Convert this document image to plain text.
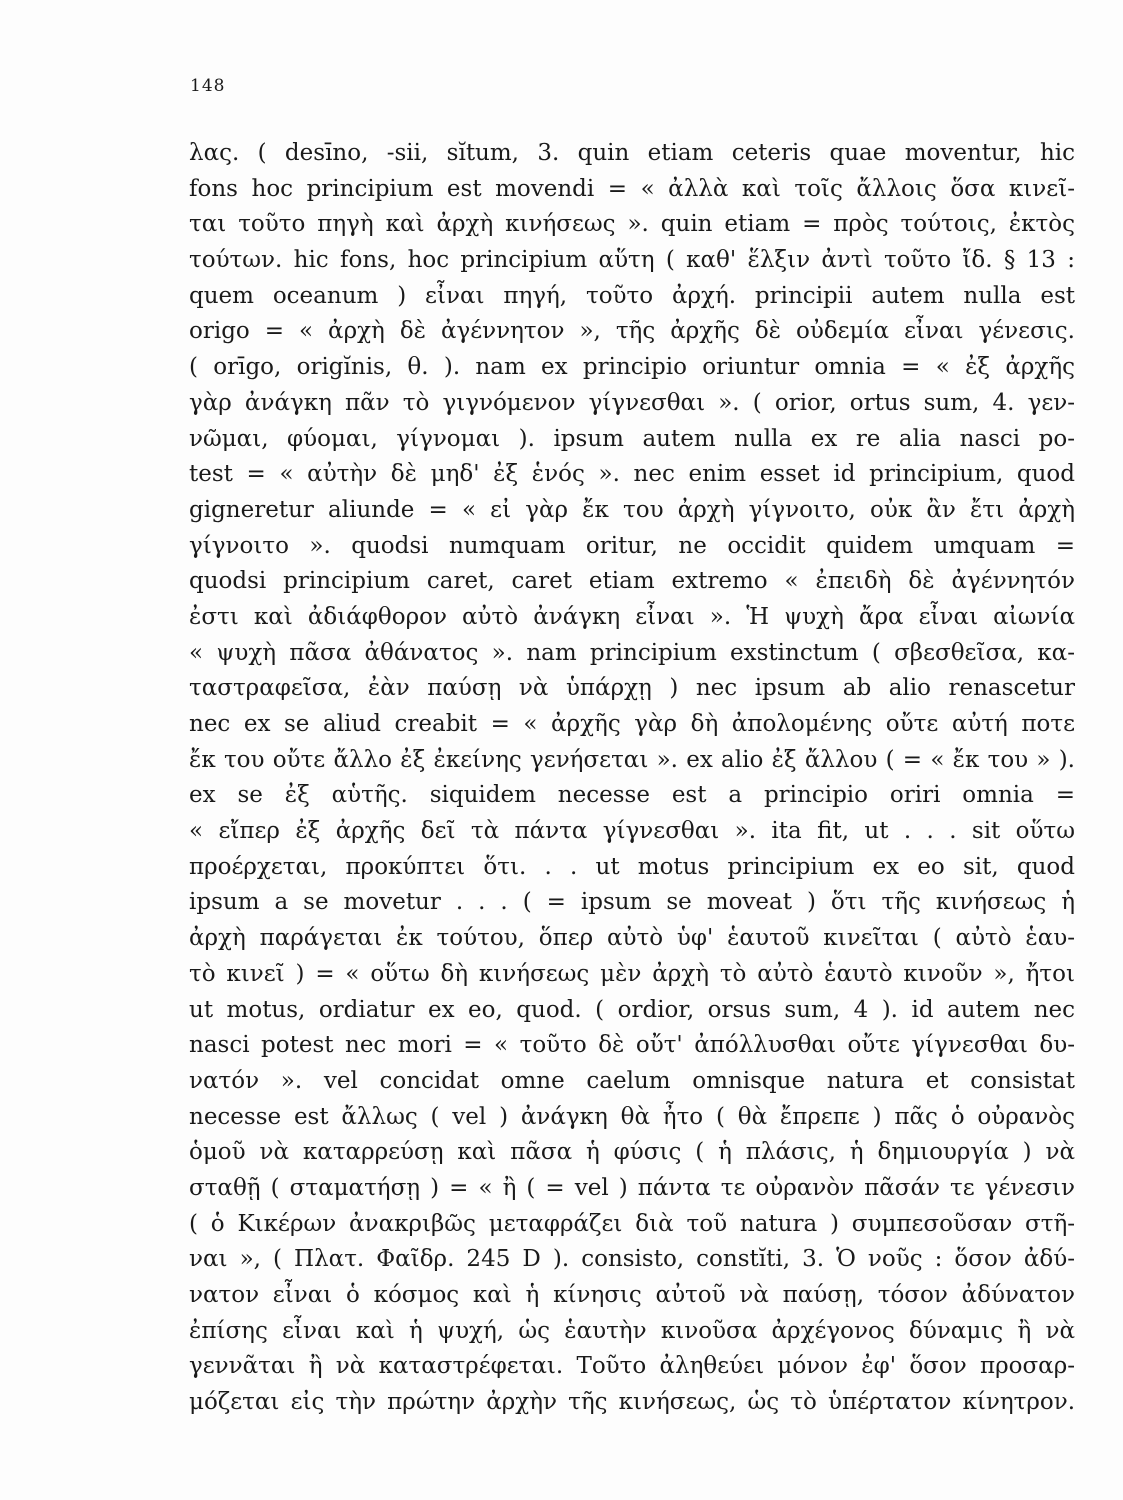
148

λας. ( desīno, -sii, sĭtum, 3. quin etiam ceteris quae moventur, hic
fons hoc principium est movendi = « ἀλλὰ καὶ τοῖς ἄλλοις ὅσα κινεῖ-
ται τοῦτο πηγὴ καὶ ἀρχὴ κινήσεως ». quin etiam = πρὸς τούτοις, ἐκτὸς
τούτων. hic fons, hoc principium αὕτη ( καθ' ἕλξιν ἀντὶ τοῦτο ἴδ. § 13 :
quem oceanum ) εἶναι πηγή, τοῦτο ἀρχή. principii autem nulla est
origo = « ἀρχὴ δὲ ἀγέννητον », τῆς ἀρχῆς δὲ οὐδεμία εἶναι γένεσις.
( orīgo, origĭnis, θ. ). nam ex principio oriuntur omnia = « ἐξ ἀρχῆς
γὰρ ἀνάγκη πᾶν τὸ γιγνόμενον γίγνεσθαι ». ( orior, ortus sum, 4. γεν-
νῶμαι, φύομαι, γίγνομαι ). ipsum autem nulla ex re alia nasci po-
test = « αὐτὴν δὲ μηδ' ἐξ ἑνός ». nec enim esset id principium, quod
gigneretur aliunde = « εἰ γὰρ ἔκ του ἀρχὴ γίγνοιτο, οὐκ ἂν ἔτι ἀρχὴ
γίγνοιτο ». quodsi numquam oritur, ne occidit quidem umquam =
quodsi principium caret, caret etiam extremo « ἐπειδὴ δὲ ἀγέννητόν
ἐστι καὶ ἀδιάφθορον αὐτὸ ἀνάγκη εἶναι ». Ἡ ψυχὴ ἄρα εἶναι αἰωνία
« ψυχὴ πᾶσα ἀθάνατος ». nam principium exstinctum ( σβεσθεῖσα, κα-
ταστραφεῖσα, ἐὰν παύσῃ νὰ ὑπάρχῃ ) nec ipsum ab alio renascetur
nec ex se aliud creabit = « ἀρχῆς γὰρ δὴ ἀπολομένης οὔτε αὐτή ποτε
ἔκ του οὔτε ἄλλο ἐξ ἐκείνης γενήσεται ». ex alio ἐξ ἄλλου ( = « ἔκ του » ).
ex se ἐξ αὑτῆς. siquidem necesse est a principio oriri omnia =
« εἴπερ ἐξ ἀρχῆς δεῖ τὰ πάντα γίγνεσθαι ». ita fit, ut . . . sit οὕτω
προέρχεται, προκύπτει ὅτι. . . ut motus principium ex eo sit, quod
ipsum a se movetur . . . ( = ipsum se moveat ) ὅτι τῆς κινήσεως ἡ
ἀρχὴ παράγεται ἐκ τούτου, ὅπερ αὐτὸ ὑφ' ἑαυτοῦ κινεῖται ( αὐτὸ ἑαυ-
τὸ κινεῖ ) = « οὕτω δὴ κινήσεως μὲν ἀρχὴ τὸ αὐτὸ ἑαυτὸ κινοῦν », ἤτοι
ut motus, ordiatur ex eo, quod. ( ordior, orsus sum, 4 ). id autem nec
nasci potest nec mori = « τοῦτο δὲ οὔτ' ἀπόλλυσθαι οὔτε γίγνεσθαι δυ-
νατόν ». vel concidat omne caelum omnisque natura et consistat
necesse est ἄλλως ( vel ) ἀνάγκη θὰ ἦτο ( θὰ ἔπρεπε ) πᾶς ὁ οὐρανὸς
ὁμοῦ νὰ καταρρεύσῃ καὶ πᾶσα ἡ φύσις ( ἡ πλάσις, ἡ δημιουργία ) νὰ
σταθῇ ( σταματήσῃ ) = « ἢ ( = vel ) πάντα τε οὐρανὸν πᾶσάν τε γένεσιν
( ὁ Κικέρων ἀνακριβῶς μεταφράζει διὰ τοῦ natura ) συμπεσοῦσαν στῆ-
ναι », ( Πλατ. Φαῖδρ. 245 D ). consisto, constĭti, 3. Ὁ νοῦς : ὅσον ἀδύ-
νατον εἶναι ὁ κόσμος καὶ ἡ κίνησις αὐτοῦ νὰ παύσῃ, τόσον ἀδύνατον
ἐπίσης εἶναι καὶ ἡ ψυχή, ὡς ἑαυτὴν κινοῦσα ἀρχέγονος δύναμις ἢ νὰ
γεννᾶται ἢ νὰ καταστρέφεται. Τοῦτο ἀληθεύει μόνον ἐφ' ὅσον προσαρ-
μόζεται εἰς τὴν πρώτην ἀρχὴν τῆς κινήσεως, ὡς τὸ ὑπέρτατον κίνητρον.
